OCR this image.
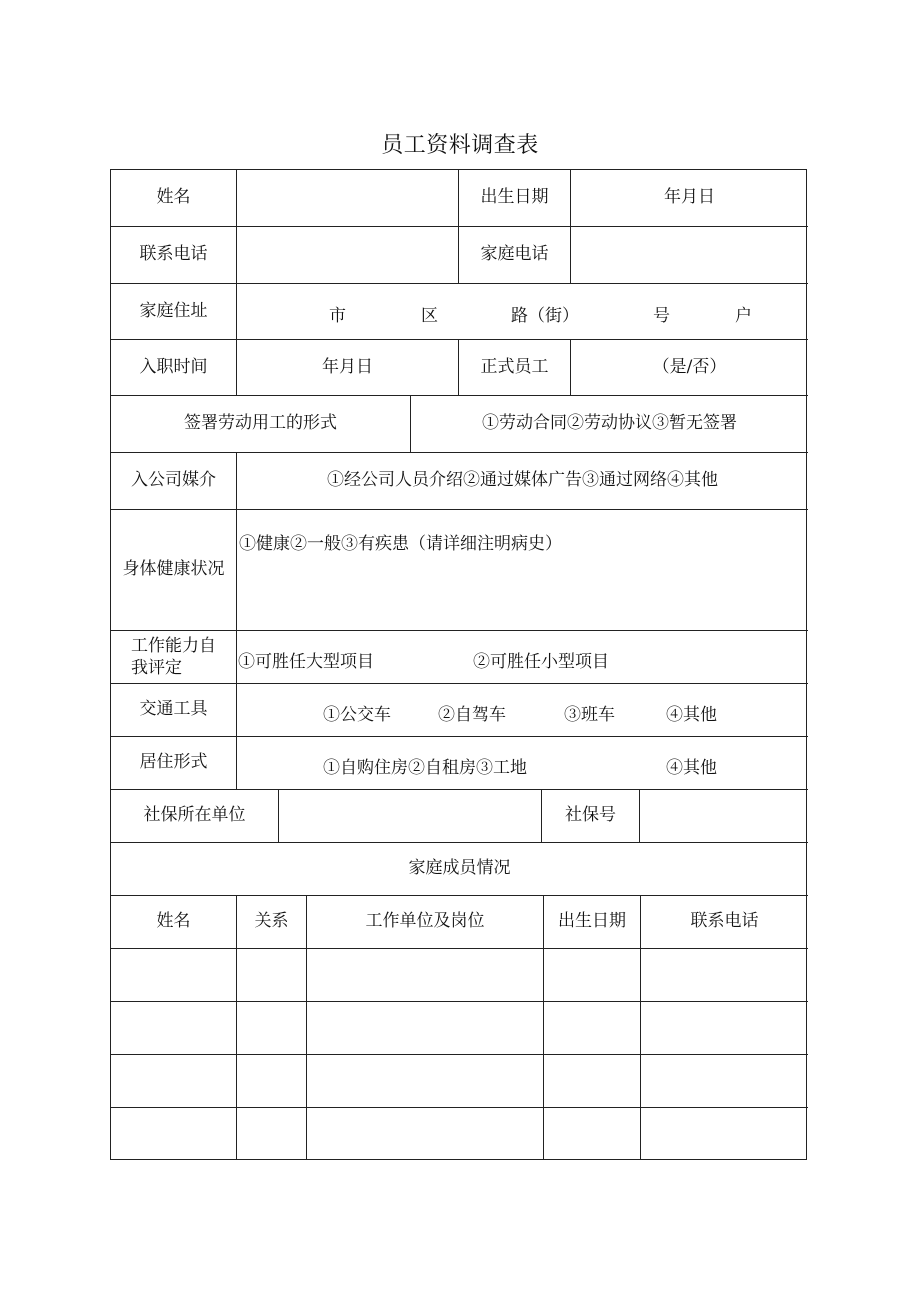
员工资料调查表
姓名	出生日期	年月日
联系电话	家庭电话
家庭住址	市	区	路（街）	号	户
入职时间	年月日	正式员工	（是/否）
签署劳动用工的形式	①劳动合同②劳动协议③暂无签署
入公司媒介	①经公司人员介绍②通过媒体广告③通过网络④其他
身体健康状况
①健康②一般③有疾患（请详细注明病史）
工作能力自
我评定	①可胜任大型项目	②可胜任小型项目
交通工具	①公交车	②自驾车	③班车	④其他
居住形式	①自购住房②自租房③工地	④其他
社保所在单位	社保号
家庭成员情况
姓名	关系	工作单位及岗位	出生日期	联系电话
